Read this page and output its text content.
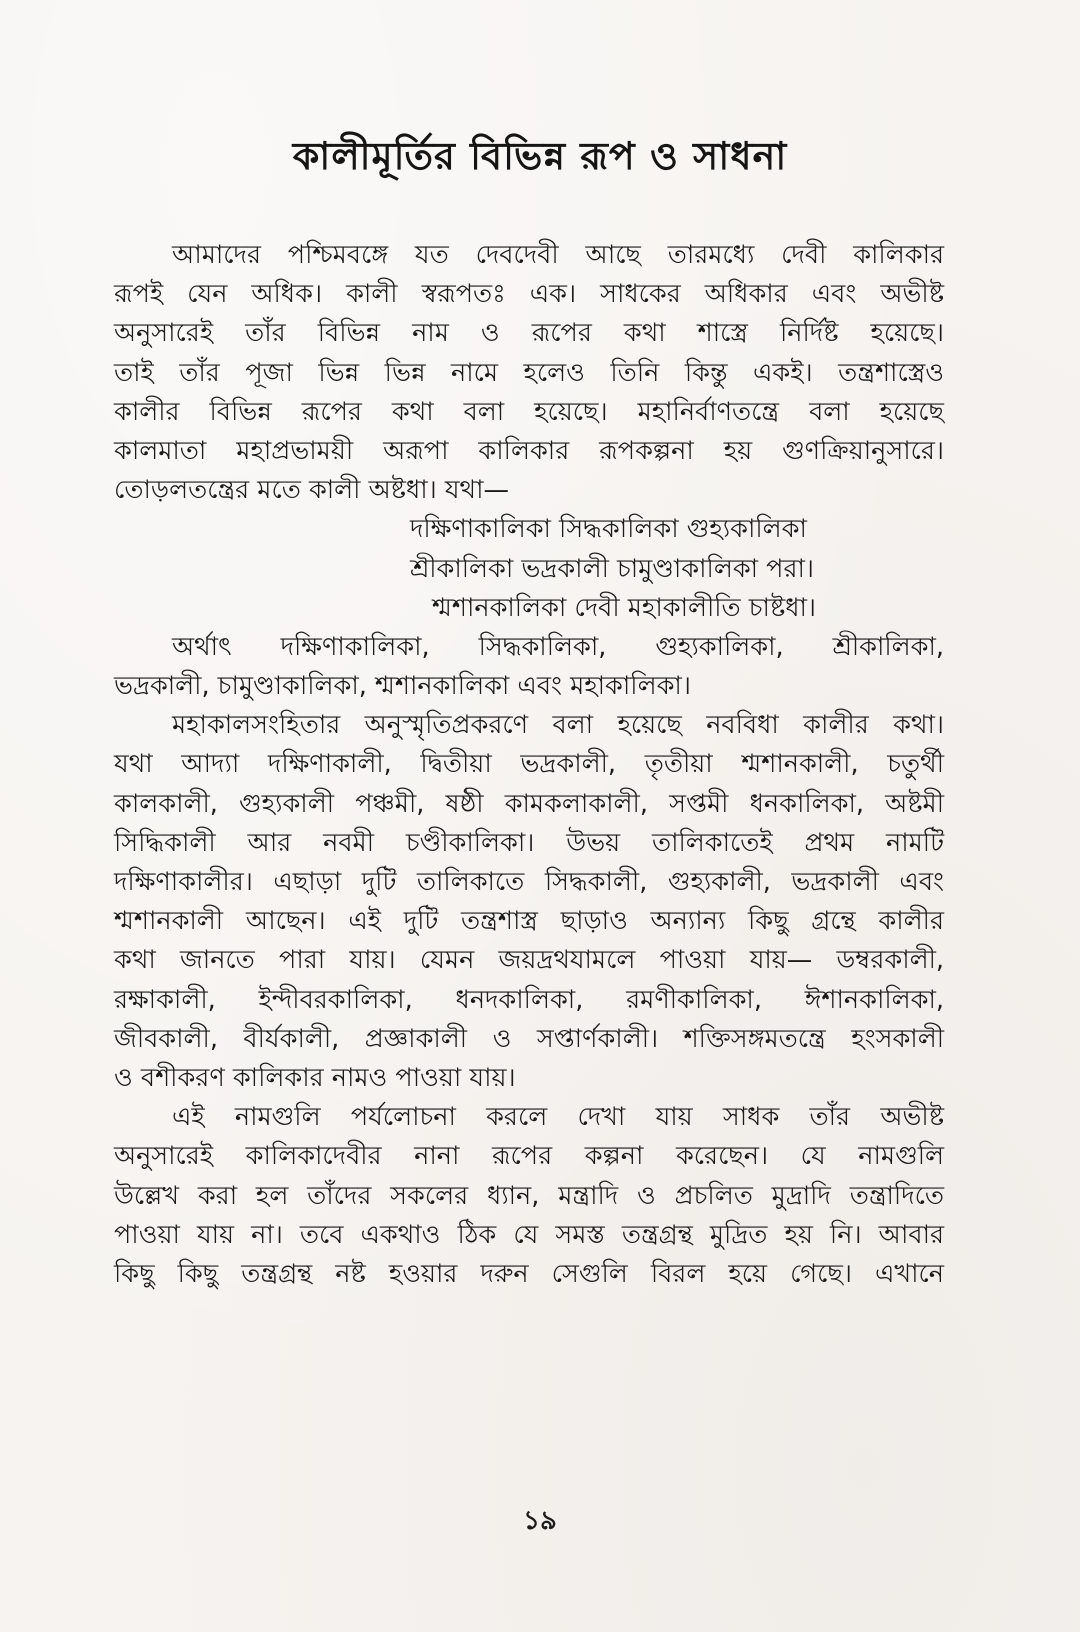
কালীমূর্তির বিভিন্ন রূপ ও সাধনা
আমাদের পশ্চিমবঙ্গে যত দেবদেবী আছে তারমধ্যে দেবী কালিকার
রূপই যেন অধিক। কালী স্বরূপতঃ এক। সাধকের অধিকার এবং অভীষ্ট
অনুসারেই তাঁর বিভিন্ন নাম ও রূপের কথা শাস্ত্রে নির্দিষ্ট হয়েছে।
তাই তাঁর পূজা ভিন্ন ভিন্ন নামে হলেও তিনি কিন্তু একই। তন্ত্রশাস্ত্রেও
কালীর বিভিন্ন রূপের কথা বলা হয়েছে। মহানির্বাণতন্ত্রে বলা হয়েছে
কালমাতা মহাপ্রভাময়ী অরূপা কালিকার রূপকল্পনা হয় গুণক্রিয়ানুসারে।
তোড়লতন্ত্রের মতে কালী অষ্টধা। যথা—
দক্ষিণাকালিকা সিদ্ধকালিকা গুহ্যকালিকা
শ্রীকালিকা ভদ্রকালী চামুণ্ডাকালিকা পরা।
শ্মশানকালিকা দেবী মহাকালীতি চাষ্টধা।
অর্থাৎ দক্ষিণাকালিকা, সিদ্ধকালিকা, গুহ্যকালিকা, শ্রীকালিকা,
ভদ্রকালী, চামুণ্ডাকালিকা, শ্মশানকালিকা এবং মহাকালিকা।
মহাকালসংহিতার অনুস্মৃতিপ্রকরণে বলা হয়েছে নববিধা কালীর কথা।
যথা আদ্যা দক্ষিণাকালী, দ্বিতীয়া ভদ্রকালী, তৃতীয়া শ্মশানকালী, চতুর্থী
কালকালী, গুহ্যকালী পঞ্চমী, ষষ্ঠী কামকলাকালী, সপ্তমী ধনকালিকা, অষ্টমী
সিদ্ধিকালী আর নবমী চণ্ডীকালিকা। উভয় তালিকাতেই প্রথম নামটি
দক্ষিণাকালীর। এছাড়া দুটি তালিকাতে সিদ্ধকালী, গুহ্যকালী, ভদ্রকালী এবং
শ্মশানকালী আছেন। এই দুটি তন্ত্রশাস্ত্র ছাড়াও অন্যান্য কিছু গ্রন্থে কালীর
কথা জানতে পারা যায়। যেমন জয়দ্রথযামলে পাওয়া যায়— ডম্বরকালী,
রক্ষাকালী, ইন্দীবরকালিকা, ধনদকালিকা, রমণীকালিকা, ঈশানকালিকা,
জীবকালী, বীর্যকালী, প্রজ্ঞাকালী ও সপ্তার্ণকালী। শক্তিসঙ্গমতন্ত্রে হংসকালী
ও বশীকরণ কালিকার নামও পাওয়া যায়।
এই নামগুলি পর্যলোচনা করলে দেখা যায় সাধক তাঁর অভীষ্ট
অনুসারেই কালিকাদেবীর নানা রূপের কল্পনা করেছেন। যে নামগুলি
উল্লেখ করা হল তাঁদের সকলের ধ্যান, মন্ত্রাদি ও প্রচলিত মুদ্রাদি তন্ত্রাদিতে
পাওয়া যায় না। তবে একথাও ঠিক যে সমস্ত তন্ত্রগ্রন্থ মুদ্রিত হয় নি। আবার
কিছু কিছু তন্ত্রগ্রন্থ নষ্ট হওয়ার দরুন সেগুলি বিরল হয়ে গেছে। এখানে
১৯
